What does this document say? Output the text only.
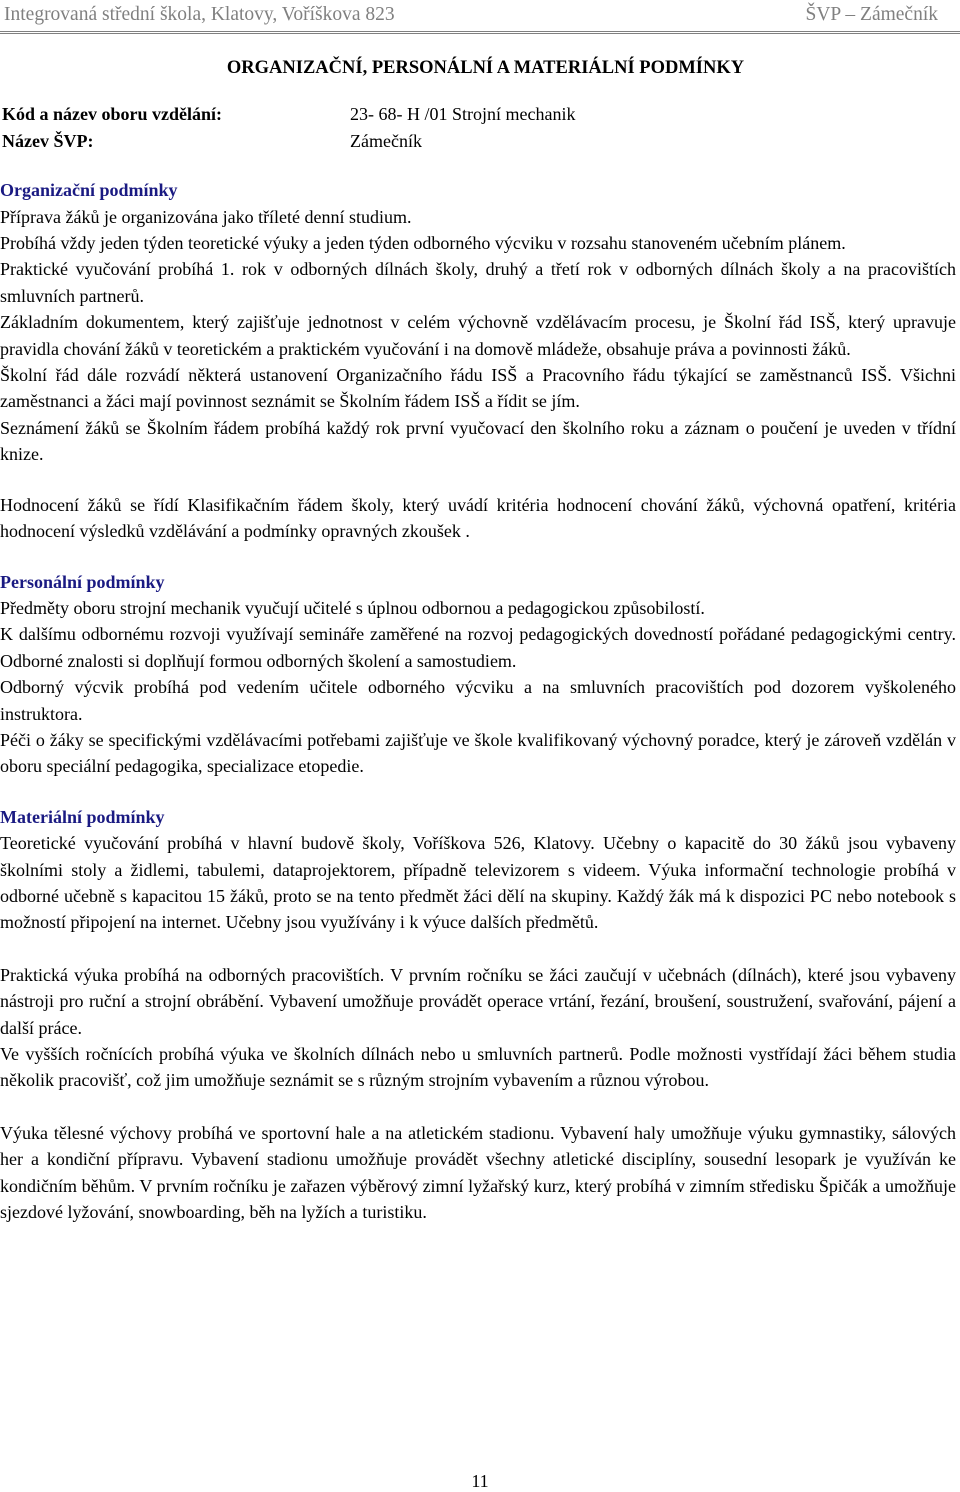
Integrovaná střední škola, Klatovy, Voříškova 823	ŠVP – Zámečník
ORGANIZAČNÍ, PERSONÁLNÍ A MATERIÁLNÍ PODMÍNKY
Kód a název oboru vzdělání:	23- 68- H /01 Strojní mechanik
Název ŠVP:	Zámečník
Organizační podmínky

Příprava žáků je organizována jako tříleté denní studium.

Probíhá vždy jeden týden teoretické výuky a jeden týden odborného výcviku v rozsahu stanoveném učebním plánem.

Praktické vyučování probíhá 1. rok v odborných dílnách školy, druhý a třetí rok v odborných dílnách školy a na pracovištích smluvních partnerů.

Základním dokumentem, který zajišťuje jednotnost v celém výchovně vzdělávacím procesu, je Školní řád ISŠ, který upravuje pravidla chování žáků v teoretickém a praktickém vyučování i na domově mládeže, obsahuje práva a povinnosti žáků.

Školní řád dále rozvádí některá ustanovení Organizačního řádu ISŠ a Pracovního řádu týkající se zaměstnanců ISŠ. Všichni zaměstnanci a žáci mají povinnost seznámit se Školním řádem ISŠ a řídit se jím.

Seznámení žáků se Školním řádem probíhá každý rok první vyučovací den školního roku a záznam o poučení je uveden v třídní knize.

Hodnocení žáků se řídí Klasifikačním řádem školy, který uvádí kritéria hodnocení chování žáků, výchovná opatření, kritéria hodnocení výsledků vzdělávání a podmínky opravných zkoušek .

Personální podmínky

Předměty oboru strojní mechanik vyučují učitelé s úplnou odbornou a pedagogickou způsobilostí.

K dalšímu odbornému rozvoji využívají semináře zaměřené na rozvoj pedagogických dovedností pořádané pedagogickými centry. Odborné znalosti si doplňují formou odborných školení a samostudiem.

Odborný výcvik probíhá pod vedením učitele odborného výcviku a na smluvních pracovištích pod dozorem vyškoleného instruktora.

Péči o žáky se specifickými vzdělávacími potřebami zajišťuje ve škole kvalifikovaný výchovný poradce, který je zároveň vzdělán v oboru speciální pedagogika, specializace etopedie.

Materiální podmínky

Teoretické vyučování probíhá v hlavní budově školy, Voříškova 526, Klatovy. Učebny o kapacitě do 30 žáků jsou vybaveny školními stoly a židlemi, tabulemi, dataprojektorem, případně televizorem s videem. Výuka informační technologie probíhá v odborné učebně s kapacitou 15 žáků, proto se na tento předmět žáci dělí na skupiny. Každý žák má k dispozici PC nebo notebook s možností připojení na internet. Učebny jsou využívány i k výuce dalších předmětů.

Praktická výuka probíhá na odborných pracovištích. V prvním ročníku se žáci zaučují v učebnách (dílnách), které jsou vybaveny nástroji pro ruční a strojní obrábění. Vybavení umožňuje provádět operace vrtání, řezání, broušení, soustružení, svařování, pájení a další práce.

Ve vyšších ročnících probíhá výuka ve školních dílnách nebo u smluvních partnerů. Podle možnosti vystřídají žáci během studia několik pracovišť, což jim umožňuje seznámit se s různým strojním vybavením a různou výrobou.

Výuka tělesné výchovy probíhá ve sportovní hale a na atletickém stadionu. Vybavení haly umožňuje výuku gymnastiky, sálových her a kondiční přípravu. Vybavení stadionu umožňuje provádět všechny atletické disciplíny, sousední lesopark je využíván ke kondičním běhům. V prvním ročníku je zařazen výběrový zimní lyžařský kurz, který probíhá v zimním středisku Špičák a umožňuje sjezdové lyžování, snowboarding, běh na lyžích a turistiku.

11
